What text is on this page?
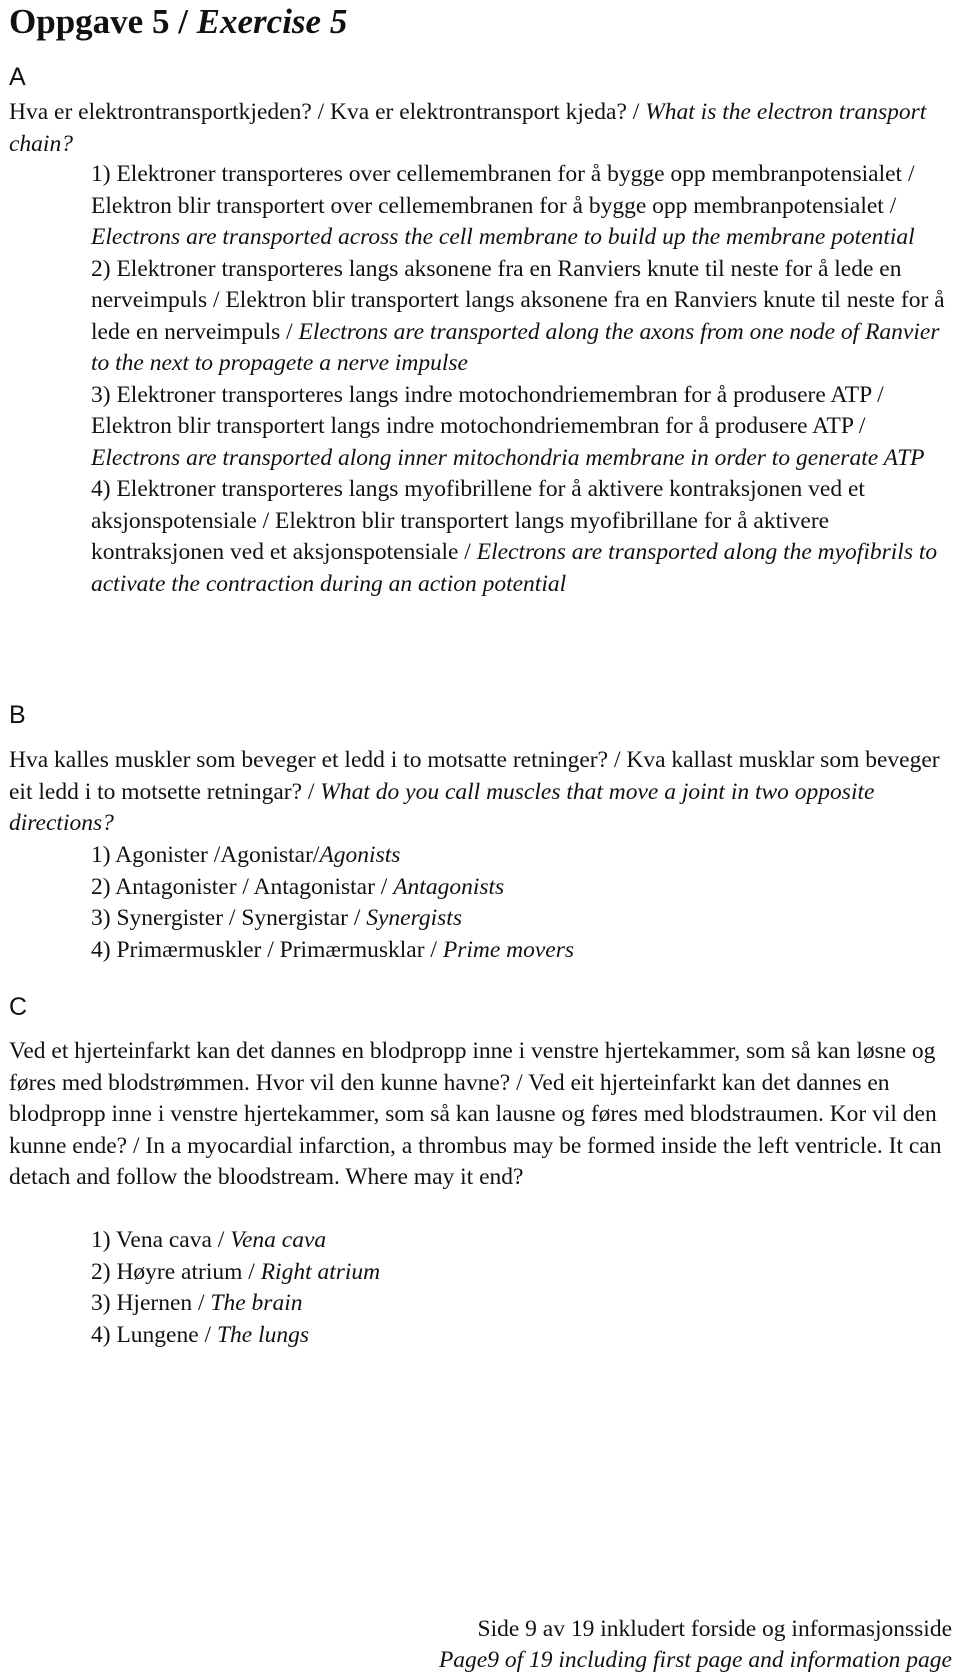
Oppgave 5 / Exercise 5
A

Hva er elektrontransportkjeden? / Kva er elektrontransport kjeda? / What is the electron transport chain?

1) Elektroner transporteres over cellemembranen for å bygge opp membranpotensialet / Elektron blir transportert over cellemembranen for å bygge opp membranpotensialet / Electrons are transported across the cell membrane to build up the membrane potential
2) Elektroner transporteres langs aksonene fra en Ranviers knute til neste for å lede en nerveimpuls / Elektron blir transportert langs aksonene fra en Ranviers knute til neste for å lede en nerveimpuls / Electrons are transported along the axons from one node of Ranvier to the next to propagete a nerve impulse
3) Elektroner transporteres langs indre motochondriemembran for å produsere ATP / Elektron blir transportert langs indre motochondriemembran for å produsere ATP / Electrons are transported along inner mitochondria membrane in order to generate ATP
4) Elektroner transporteres langs myofibrillene for å aktivere kontraksjonen ved et aksjonspotensiale / Elektron blir transportert langs myofibrillane for å aktivere kontraksjonen ved et aksjonspotensiale / Electrons are transported along the myofibrils to activate the contraction during an action potential
B

Hva kalles muskler som beveger et ledd i to motsatte retninger? / Kva kallast musklar som beveger eit ledd i to motsette retningar? / What do you call muscles that move a joint in two opposite directions?

1) Agonister /Agonistar/Agonists
2) Antagonister / Antagonistar / Antagonists
3) Synergister / Synergistar / Synergists
4) Primærmuskler / Primærmusklar / Prime movers
C

Ved et hjerteinfarkt kan det dannes en blodpropp inne i venstre hjertekammer, som så kan løsne og føres med blodstrømmen. Hvor vil den kunne havne? / Ved eit hjerteinfarkt kan det dannes en blodpropp inne i venstre hjertekammer, som så kan lausne og føres med blodstraumen. Kor vil den kunne ende? / In a myocardial infarction, a thrombus may be formed inside the left ventricle. It can detach and follow the bloodstream. Where may it end?

1) Vena cava / Vena cava
2) Høyre atrium / Right atrium
3) Hjernen / The brain
4) Lungene / The lungs
Side 9 av 19 inkludert forside og informasjonsside
Page9 of 19 including first page and information page
